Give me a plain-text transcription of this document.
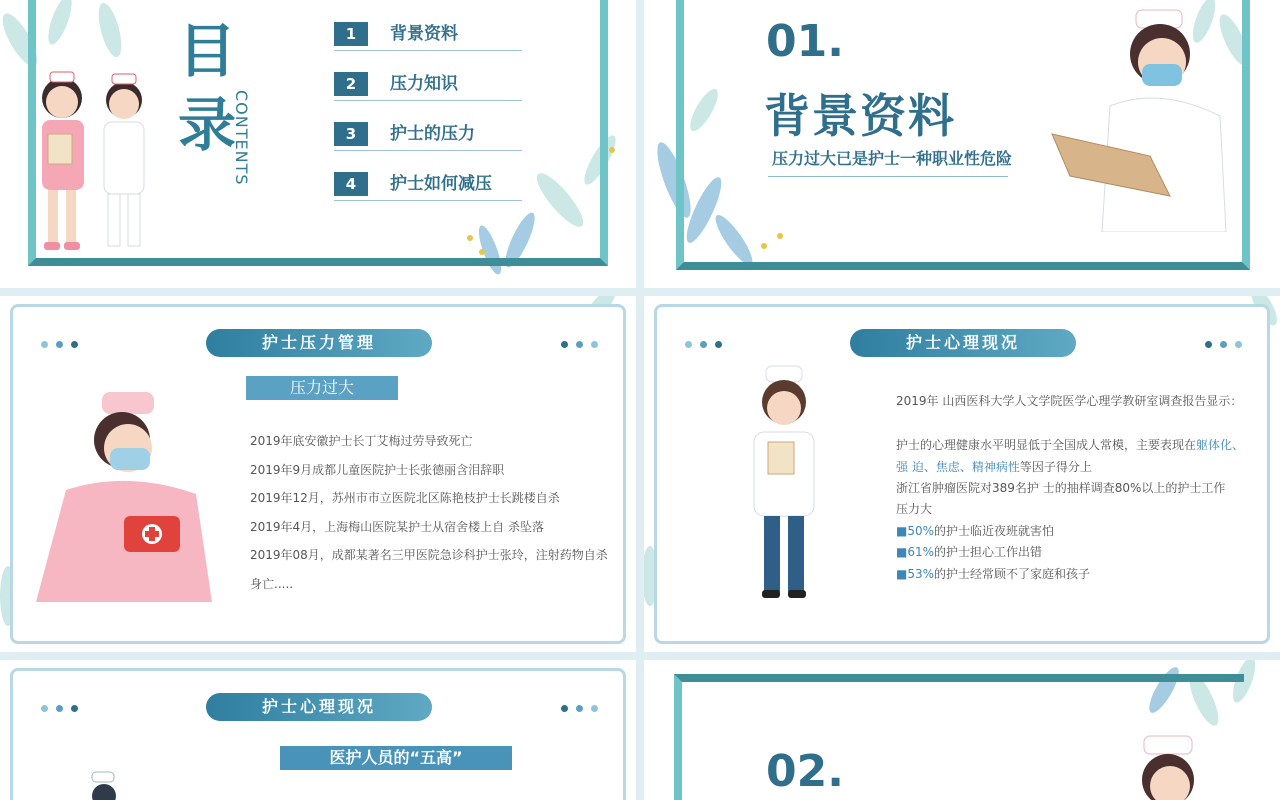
目
录
CONTENTS
1	背景资料
2	压力知识
3	护士的压力
4	护士如何减压
01.
背景资料
压力过大已是护士一种职业性危险
护士压力管理
压力过大
2019年底安徽护士长丁艾梅过劳导致死亡
2019年9月成都儿童医院护士长张德丽含泪辞职
2019年12月，苏州市市立医院北区陈艳枝护士长跳楼自杀
2019年4月，上海梅山医院某护士从宿舍楼上自 杀坠落
2019年08月，成都某著名三甲医院急诊科护士张玲，注射药物自杀
身亡.....
护士心理现况
2019年 山西医科大学人文学院医学心理学教研室调查报告显示：
护士的心理健康水平明显低于全国成人常模，主要表现在躯体化、
强 迫、焦虑、精神病性等因子得分上
浙江省肿瘤医院对389名护 士的抽样调查80%以上的护士工作
压力大
■50%的护士临近夜班就害怕
■61%的护士担心工作出错
■53%的护士经常顾不了家庭和孩子
护士心理现况
医护人员的“五高”	02.
